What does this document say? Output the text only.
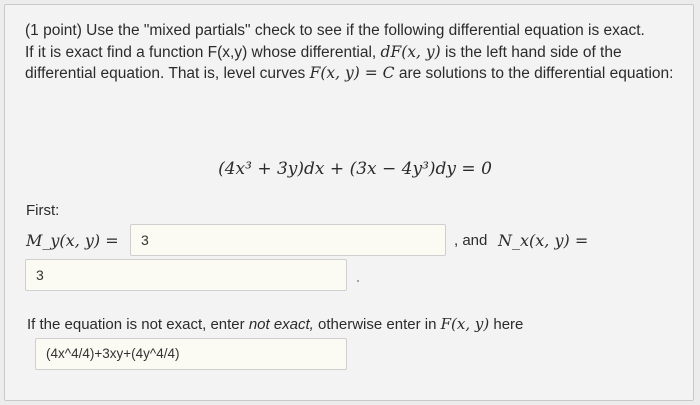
(1 point) Use the "mixed partials" check to see if the following differential equation is exact.

If it is exact find a function F(x,y) whose differential, dF(x, y) is the left hand side of the differential equation. That is, level curves F(x, y) = C are solutions to the differential equation:

(4x³ + 3y)dx + (3x − 4y³)dy = 0
First:
M_y(x, y) =	3	, and N_x(x, y) =
3
If the equation is not exact, enter not exact, otherwise enter in F(x, y) here
(4x^4/4)+3xy+(4y^4/4)
